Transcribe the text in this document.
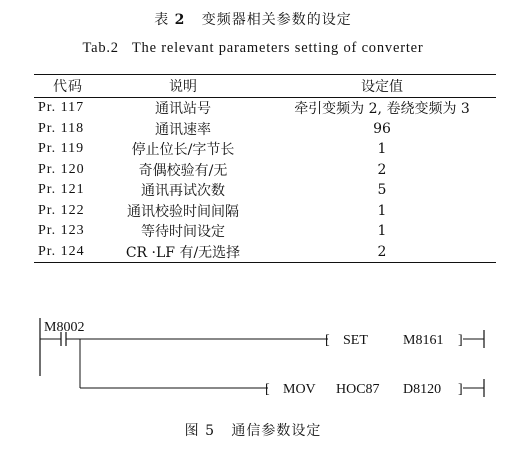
表 2 变频器相关参数的设定
Tab.2   The relevant parameters setting of converter
代码	说明	设定值
Pr. 117	通讯站号	牵引变频为 2, 卷绕变频为 3
Pr. 118	通讯速率	96
Pr. 119	停止位长/字节长	1
Pr. 120	奇偶校验有/无	2
Pr. 121	通讯再试次数	5
Pr. 122	通讯校验时间间隔	1
Pr. 123	等待时间设定	1
Pr. 124	CR ·LF 有/无选择	2
M8002
[ SET	M8161 ]
[ MOV HOC87 D8120 ]
图 5   通信参数设定
